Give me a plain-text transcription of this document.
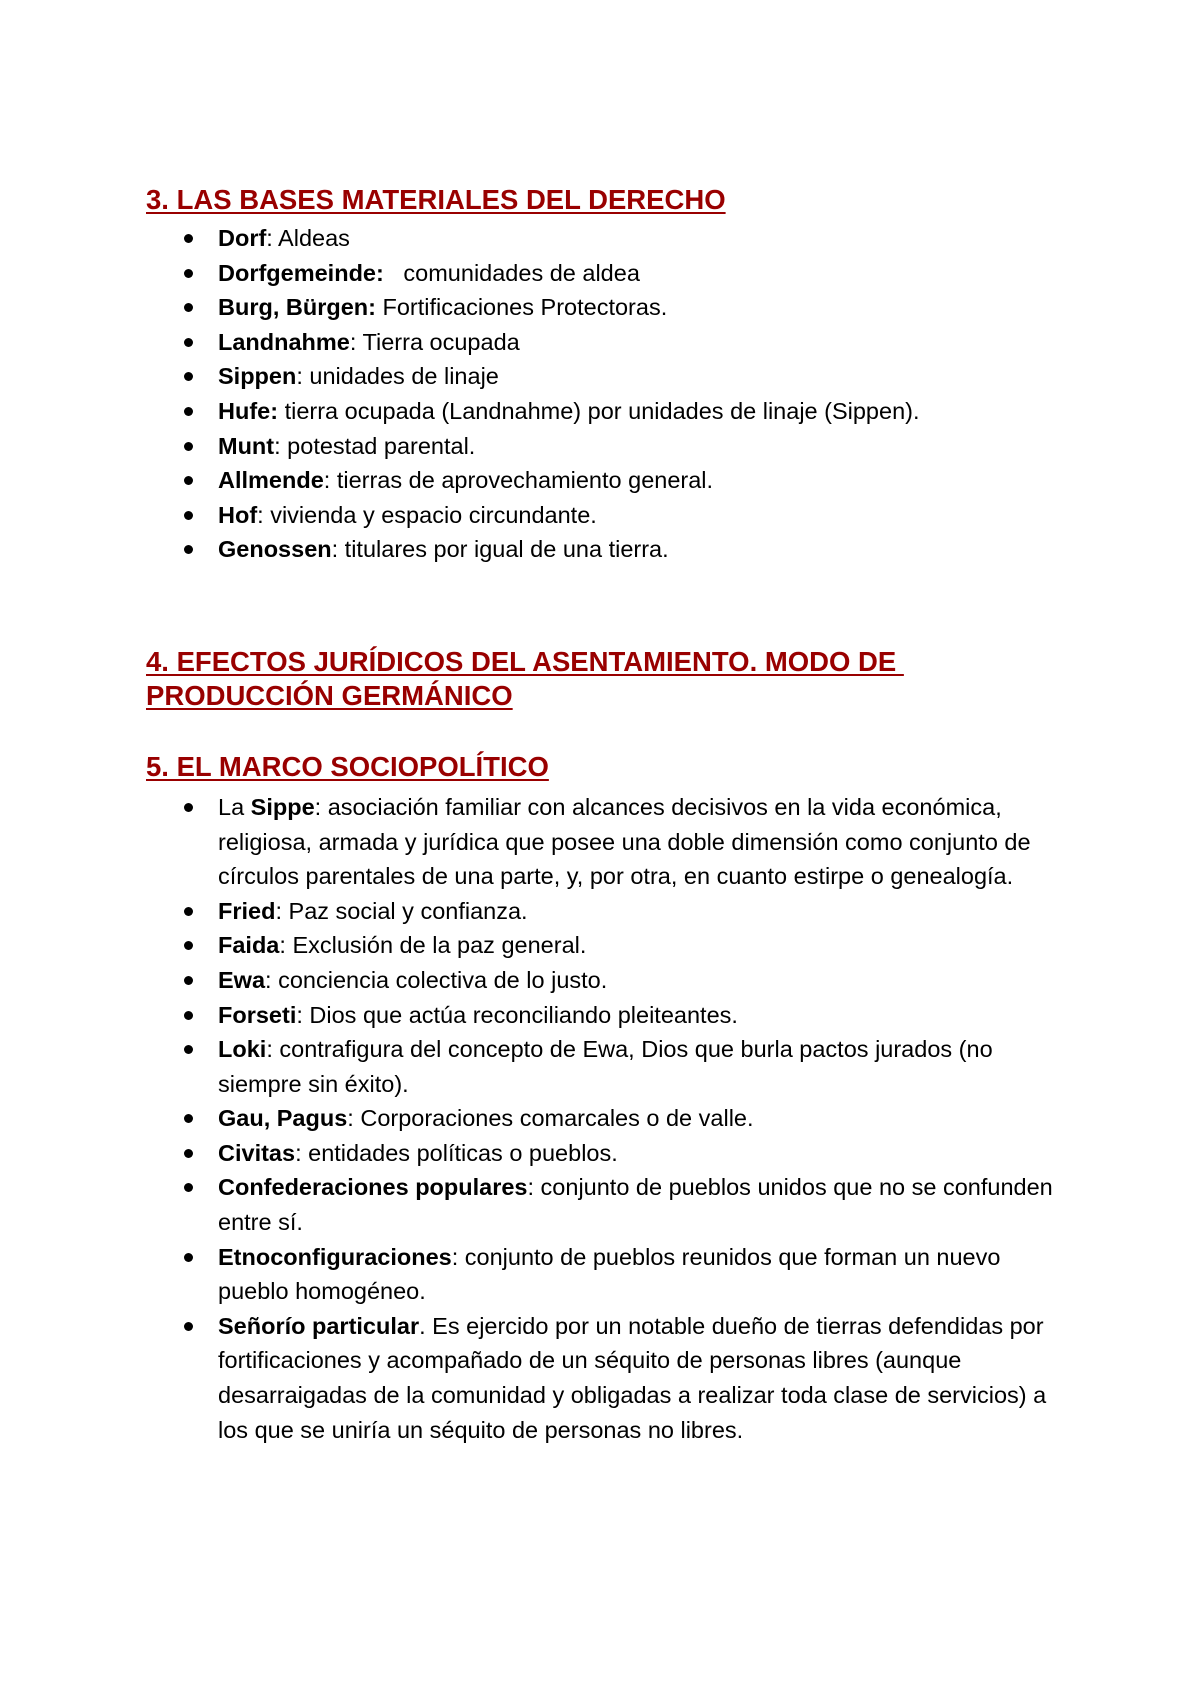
3. LAS BASES MATERIALES DEL DERECHO
Dorf: Aldeas
Dorfgemeinde:   comunidades de aldea
Burg, Bürgen: Fortificaciones Protectoras.
Landnahme: Tierra ocupada
Sippen: unidades de linaje
Hufe: tierra ocupada (Landnahme) por unidades de linaje (Sippen).
Munt: potestad parental.
Allmende: tierras de aprovechamiento general.
Hof: vivienda y espacio circundante.
Genossen: titulares por igual de una tierra.
4. EFECTOS JURÍDICOS DEL ASENTAMIENTO. MODO DE
PRODUCCIÓN GERMÁNICO
5. EL MARCO SOCIOPOLÍTICO
La Sippe: asociación familiar con alcances decisivos en la vida económica, religiosa, armada y jurídica que posee una doble dimensión como conjunto de círculos parentales de una parte, y, por otra, en cuanto estirpe o genealogía.
Fried: Paz social y confianza.
Faida: Exclusión de la paz general.
Ewa: conciencia colectiva de lo justo.
Forseti: Dios que actúa reconciliando pleiteantes.
Loki: contrafigura del concepto de Ewa, Dios que burla pactos jurados (no siempre sin éxito).
Gau, Pagus: Corporaciones comarcales o de valle.
Civitas: entidades políticas o pueblos.
Confederaciones populares: conjunto de pueblos unidos que no se confunden entre sí.
Etnoconfiguraciones: conjunto de pueblos reunidos que forman un nuevo pueblo homogéneo.
Señorío particular. Es ejercido por un notable dueño de tierras defendidas por fortificaciones y acompañado de un séquito de personas libres (aunque desarraigadas de la comunidad y obligadas a realizar toda clase de servicios) a los que se uniría un séquito de personas no libres.
